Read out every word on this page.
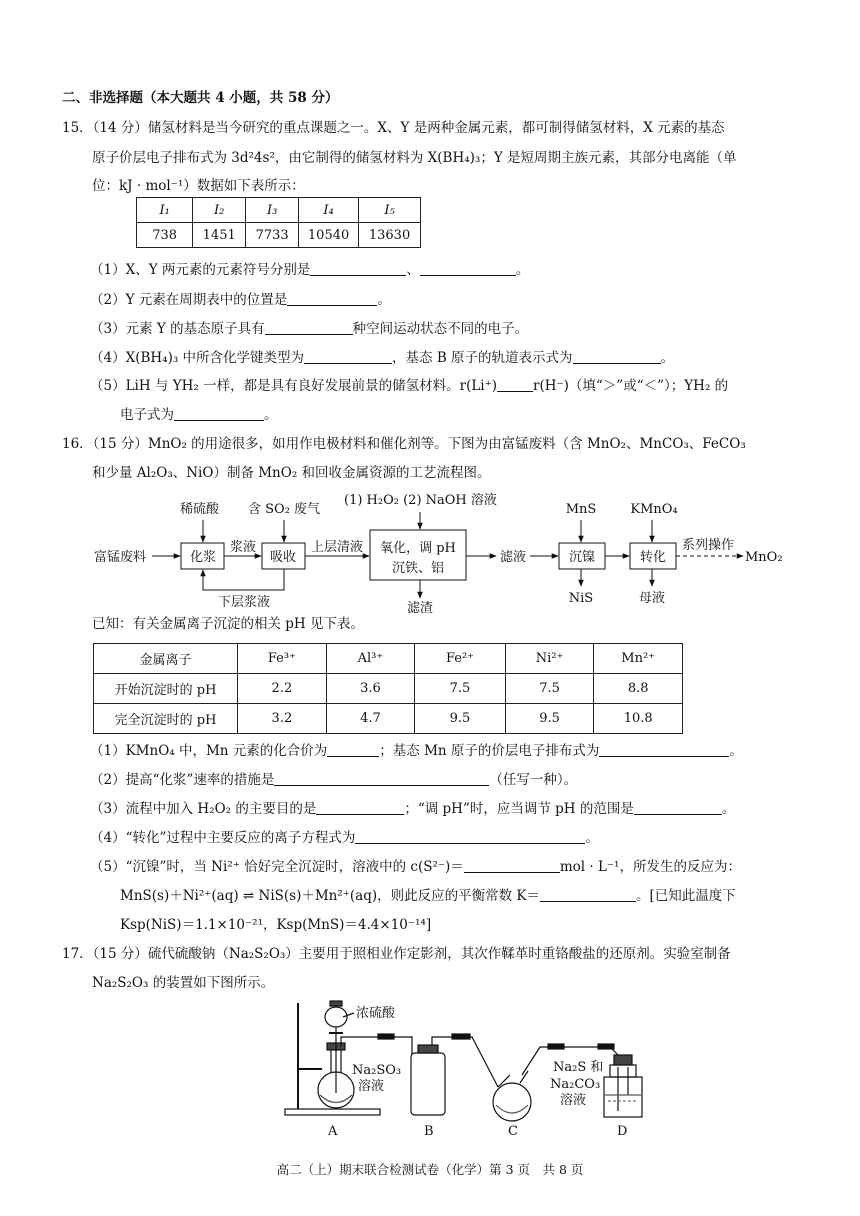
二、非选择题（本大题共 4 小题，共 58 分）
15．（14 分）储氢材料是当今研究的重点课题之一。X、Y 是两种金属元素，都可制得储氢材料，X 元素的基态
原子价层电子排布式为 3d²4s²，由它制得的储氢材料为 X(BH₄)₃；Y 是短周期主族元素，其部分电离能（单
位：kJ · mol⁻¹）数据如下表所示：
I₁	I₂	I₃	I₄	I₅
738	1451	7733	10540	13630
（1）X、Y 两元素的元素符号分别是	、	。
（2）Y 元素在周期表中的位置是	。
（3）元素 Y 的基态原子具有	种空间运动状态不同的电子。
（4）X(BH₄)₃ 中所含化学键类型为	，基态 B 原子的轨道表示式为	。
（5）LiH 与 YH₂ 一样，都是具有良好发展前景的储氢材料。r(Li⁺)	r(H⁻)（填“＞”或“＜”）；YH₂ 的
电子式为	。
16．（15 分）MnO₂ 的用途很多，如用作电极材料和催化剂等。下图为由富锰废料（含 MnO₂、MnCO₃、FeCO₃
和少量 Al₂O₃、NiO）制备 MnO₂ 和回收金属资源的工艺流程图。
富锰废料
稀硫酸 含 SO₂ 废气
化浆
浆液
吸收
上层清液
下层浆液
(1) H₂O₂ (2) NaOH 溶液
氧化，调 pH
沉铁、铝
滤渣
滤液
MnS
沉镍
NiS
KMnO₄
转化
母液
系列操作
MnO₂
已知：有关金属离子沉淀的相关 pH 见下表。
金属离子	Fe³⁺	Al³⁺	Fe²⁺	Ni²⁺	Mn²⁺
开始沉淀时的 pH	2.2	3.6	7.5	7.5	8.8
完全沉淀时的 pH	3.2	4.7	9.5	9.5	10.8
（1）KMnO₄ 中，Mn 元素的化合价为	；基态 Mn 原子的价层电子排布式为	。
（2）提高“化浆”速率的措施是	（任写一种）。
（3）流程中加入 H₂O₂ 的主要目的是	；“调 pH”时，应当调节 pH 的范围是	。
（4）“转化”过程中主要反应的离子方程式为	。
（5）“沉镍”时，当 Ni²⁺ 恰好完全沉淀时，溶液中的 c(S²⁻)＝	mol · L⁻¹，所发生的反应为：
MnS(s)＋Ni²⁺(aq) ⇌ NiS(s)＋Mn²⁺(aq)，则此反应的平衡常数 K＝	。[已知此温度下
Ksp(NiS)＝1.1×10⁻²¹，Ksp(MnS)＝4.4×10⁻¹⁴]
17．（15 分）硫代硫酸钠（Na₂S₂O₃）主要用于照相业作定影剂，其次作鞣革时重铬酸盐的还原剂。实验室制备
Na₂S₂O₃ 的装置如下图所示。
浓硫酸
Na₂SO₃
溶液
Na₂S 和
Na₂CO₃
溶液
A	B	C	D
高二（上）期末联合检测试卷（化学）第 3 页　共 8 页
